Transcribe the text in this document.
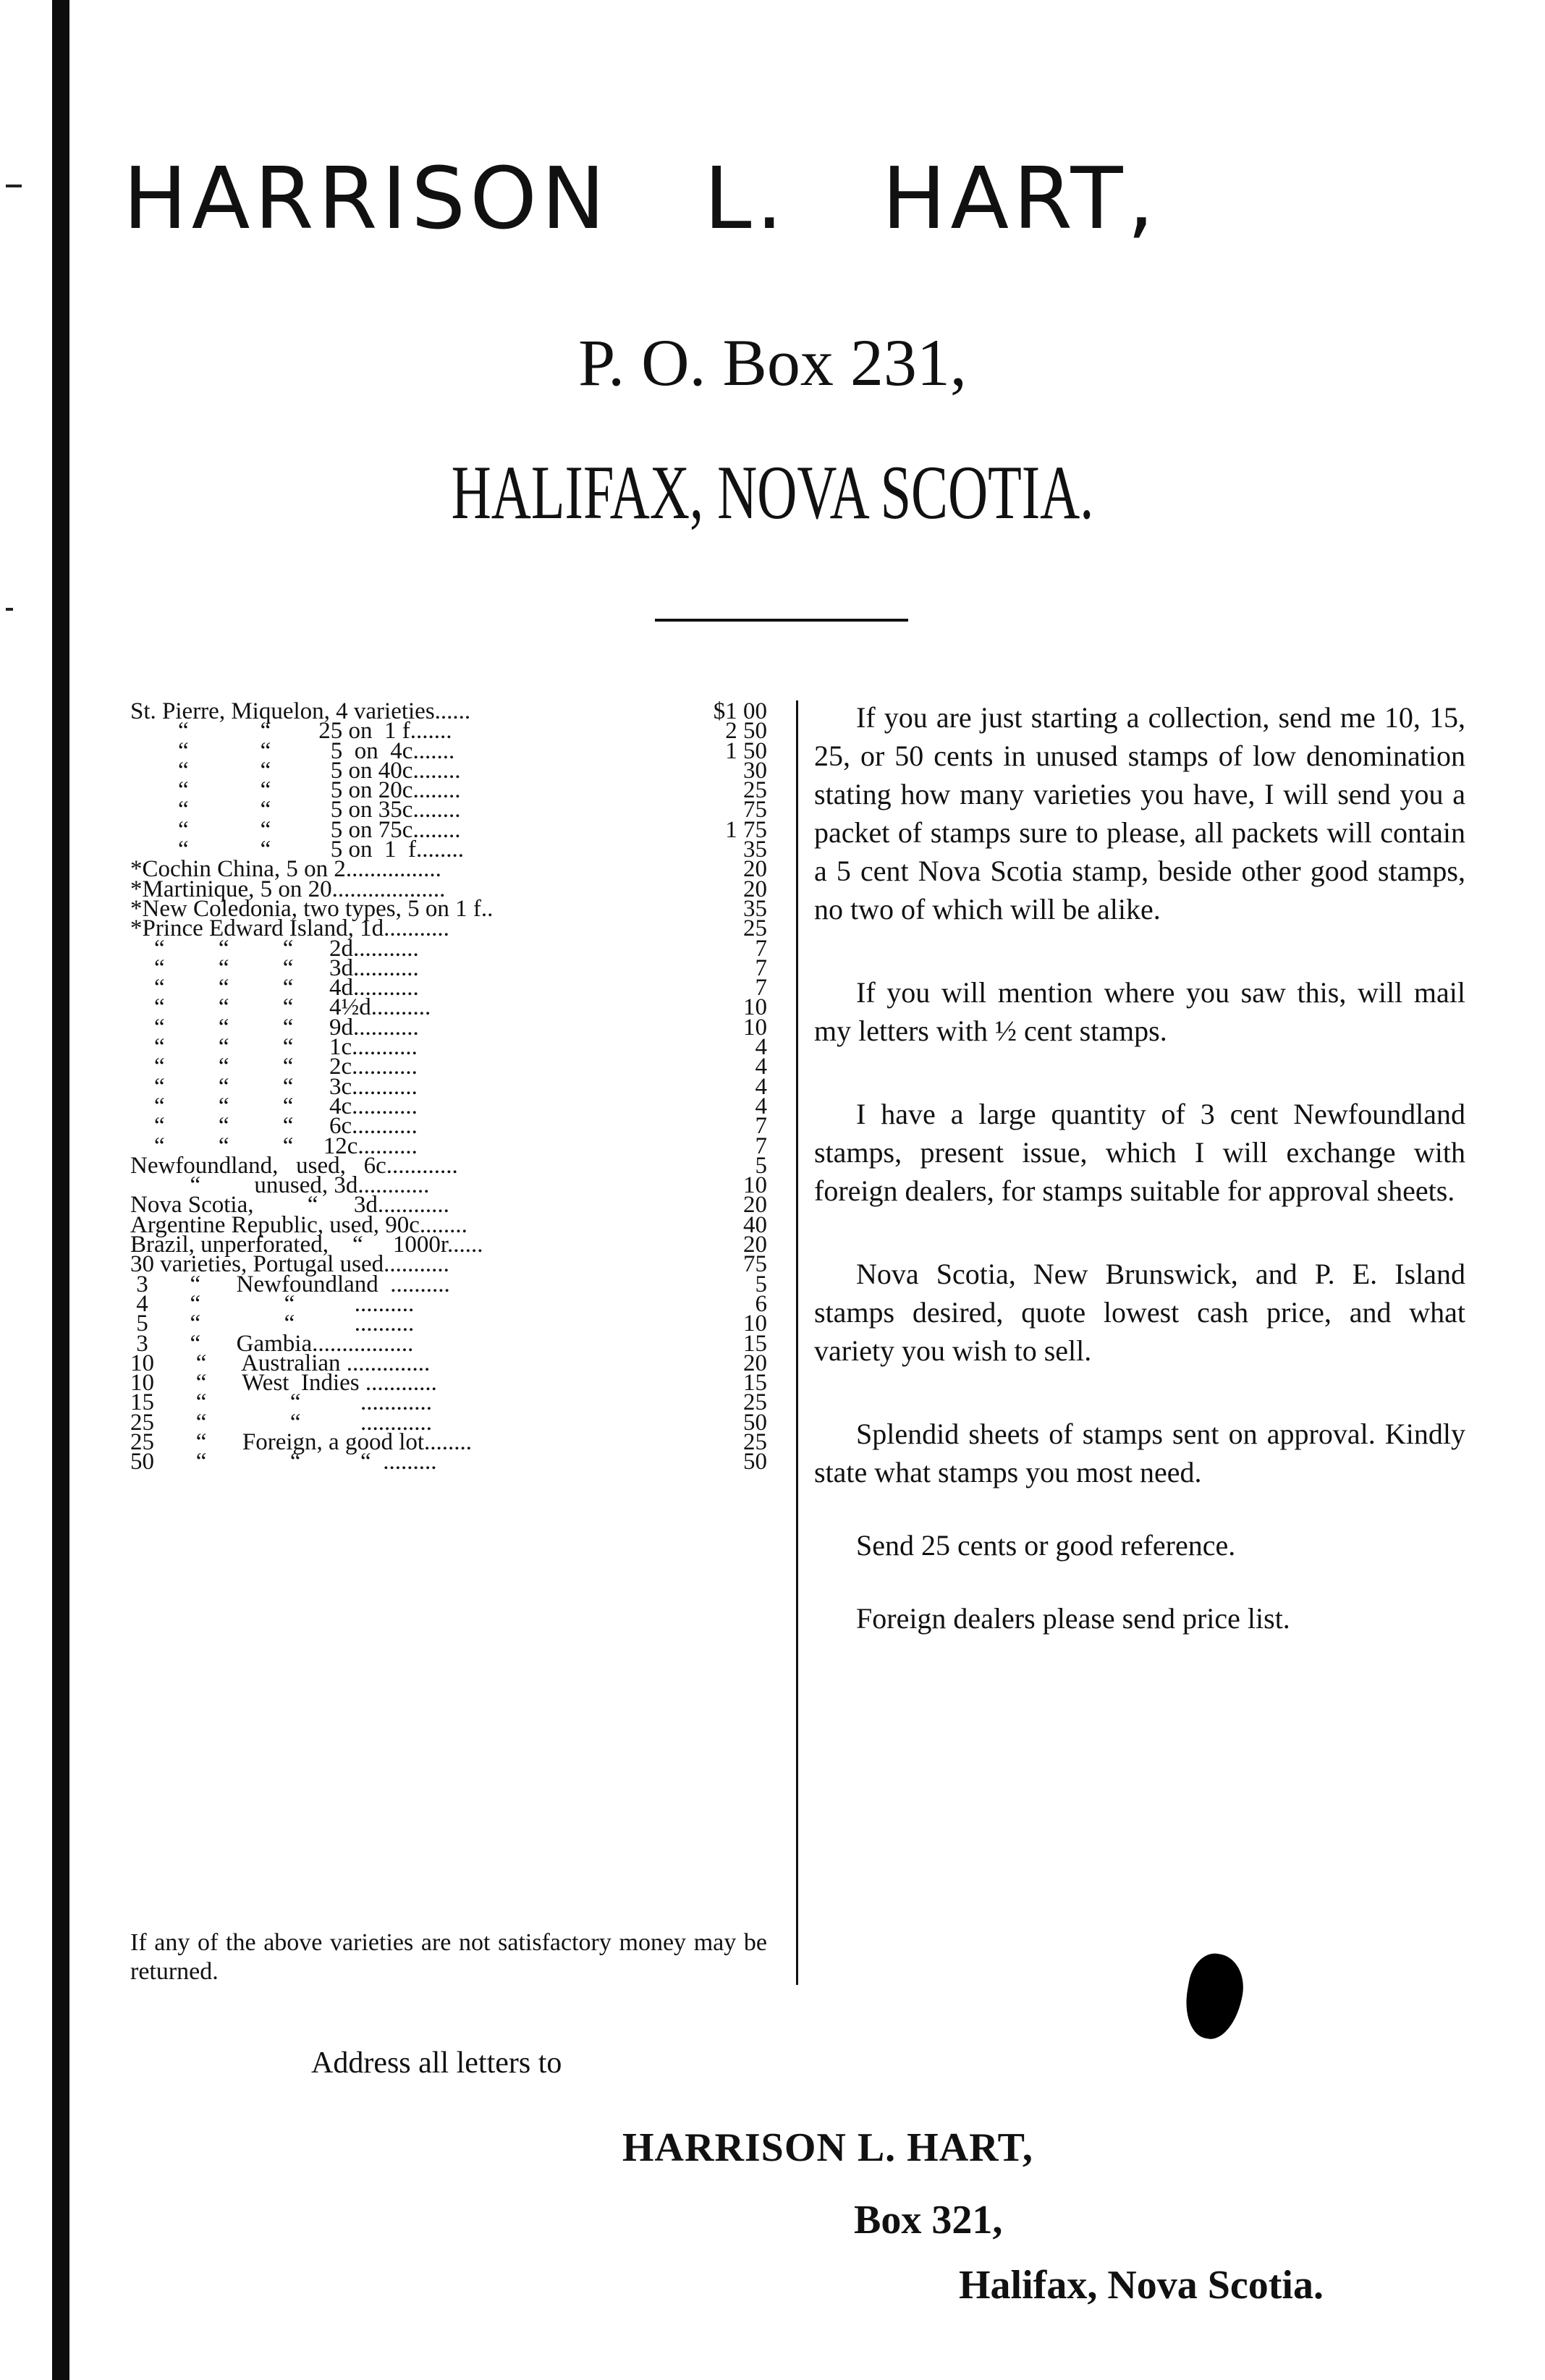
HARRISON   L.   HART,
P. O. Box 231,
HALIFAX, NOVA SCOTIA.
St. Pierre, Miquelon, 4 varieties......	$1 00
“            “        25 on  1 f.......	2 50
“            “          5  on  4c.......	1 50
“            “          5 on 40c........	30
“            “          5 on 20c........	25
“            “          5 on 35c........	75
“            “          5 on 75c........	1 75
“            “          5 on  1  f........	35
*Cochin China, 5 on 2................	20
*Martinique, 5 on 20...................	20
*New Coledonia, two types, 5 on 1 f..	35
*Prince Edward Island, 1d...........	25
“         “         “      2d...........	7
“         “         “      3d...........	7
“         “         “      4d...........	7
“         “         “      4½d..........	10
“         “         “      9d...........	10
“         “         “      1c...........	4
“         “         “      2c...........	4
“         “         “      3c...........	4
“         “         “      4c...........	4
“         “         “      6c...........	7
“         “         “     12c..........	7
Newfoundland,   used,   6c............	5
“         unused, 3d............	10
Nova Scotia,         “      3d............	20
Argentine Republic, used, 90c........	40
Brazil, unperforated,    “     1000r......	20
30 varieties, Portugal used...........	75
3       “      Newfoundland  ..........	5
4       “              “          ..........	6
5       “              “          ..........	10
3       “      Gambia.................	15
10       “      Australian ..............	20
10       “      West  Indies ............	15
15       “              “          ............	25
25       “              “          ............	50
25       “      Foreign, a good lot........	25
50       “              “          “  .........	50
If any of the above varieties are not satisfactory money may be returned.

If you are just starting a collection, send me 10, 15, 25, or 50 cents in unused stamps of low denomination stating how many varieties you have, I will send you a packet of stamps sure to please, all packets will contain a 5 cent Nova Scotia stamp, beside other good stamps, no two of which will be alike.

If you will mention where you saw this, will mail my letters with ½ cent stamps.

I have a large quantity of 3 cent Newfoundland stamps, present issue, which I will exchange with foreign dealers, for stamps suitable for approval sheets.

Nova Scotia, New Brunswick, and P. E. Island stamps desired, quote lowest cash price, and what variety you wish to sell.

Splendid sheets of stamps sent on approval. Kindly state what stamps you most need.

Send 25 cents or good reference.

Foreign dealers please send price list.

Address all letters to
HARRISON L. HART,
Box 321,
Halifax, Nova Scotia.
